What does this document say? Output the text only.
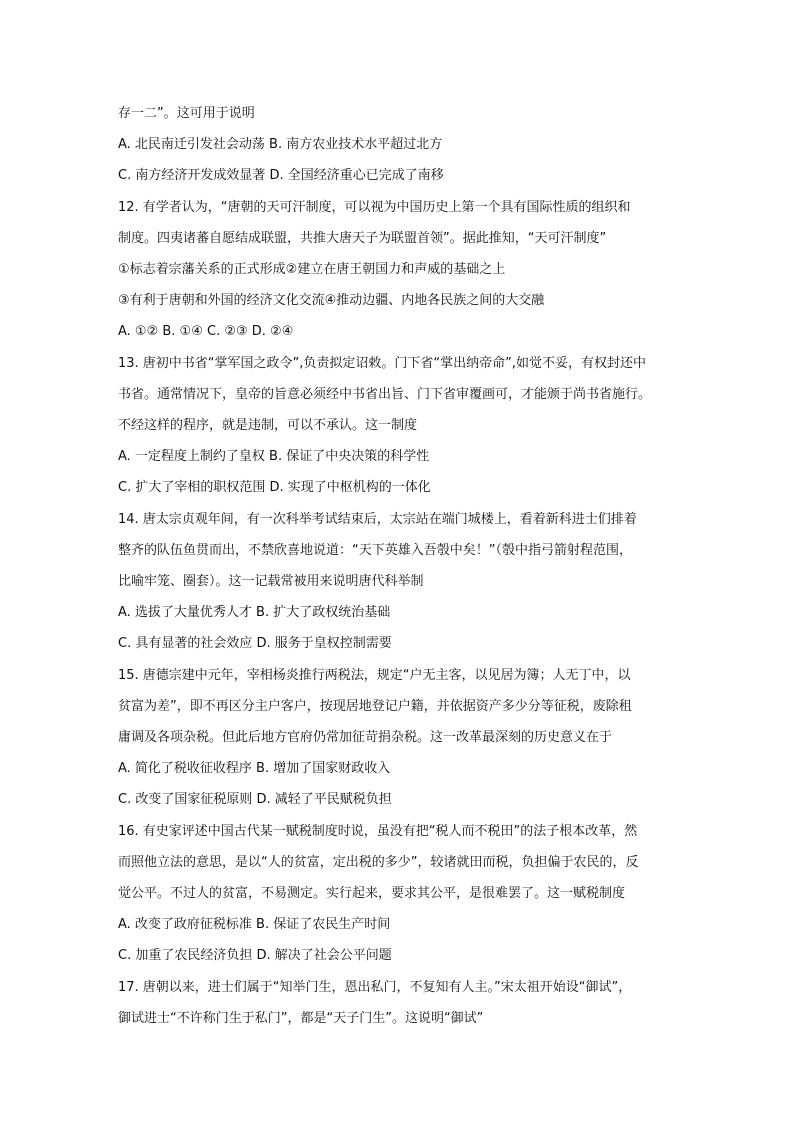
存一二”。这可用于说明
A. 北民南迁引发社会动荡 B. 南方农业技术水平超过北方
C. 南方经济开发成效显著 D. 全国经济重心已完成了南移
12. 有学者认为，“唐朝的天可汗制度，可以视为中国历史上第一个具有国际性质的组织和
制度。四夷诸蕃自愿结成联盟，共推大唐天子为联盟首领”。据此推知，“天可汗制度”
①标志着宗藩关系的正式形成②建立在唐王朝国力和声威的基础之上
③有利于唐朝和外国的经济文化交流④推动边疆、内地各民族之间的大交融
A. ①② B. ①④ C. ②③ D. ②④
13. 唐初中书省“掌军国之政令”,负责拟定诏敕。门下省“掌出纳帝命”,如觉不妥，有权封还中
书省。通常情况下，皇帝的旨意必须经中书省出旨、门下省审覆画可，才能颁于尚书省施行。
不经这样的程序，就是违制，可以不承认。这一制度
A. 一定程度上制约了皇权 B. 保证了中央决策的科学性
C. 扩大了宰相的职权范围 D. 实现了中枢机构的一体化
14. 唐太宗贞观年间，有一次科举考试结束后，太宗站在端门城楼上，看着新科进士们排着
整齐的队伍鱼贯而出，不禁欣喜地说道：“天下英雄入吾彀中矣！”（彀中指弓箭射程范围，
比喻牢笼、圈套）。这一记载常被用来说明唐代科举制
A. 选拔了大量优秀人才 B. 扩大了政权统治基础
C. 具有显著的社会效应 D. 服务于皇权控制需要
15. 唐德宗建中元年，宰相杨炎推行两税法，规定“户无主客，以见居为簿；人无丁中，以
贫富为差”，即不再区分主户客户，按现居地登记户籍，并依据资产多少分等征税，废除租
庸调及各项杂税。但此后地方官府仍常加征苛捐杂税。这一改革最深刻的历史意义在于
A. 简化了税收征收程序 B. 增加了国家财政收入
C. 改变了国家征税原则 D. 减轻了平民赋税负担
16. 有史家评述中国古代某一赋税制度时说，虽没有把“税人而不税田”的法子根本改革，然
而照他立法的意思，是以“人的贫富，定出税的多少”，较诸就田而税，负担偏于农民的，反
觉公平。不过人的贫富，不易测定。实行起来，要求其公平，是很难罢了。这一赋税制度
A. 改变了政府征税标准 B. 保证了农民生产时间
C. 加重了农民经济负担 D. 解决了社会公平问题
17. 唐朝以来，进士们属于“知举门生，恩出私门，不复知有人主。”宋太祖开始设“御试”，
御试进士“不许称门生于私门”，都是“天子门生”。这说明“御试”
